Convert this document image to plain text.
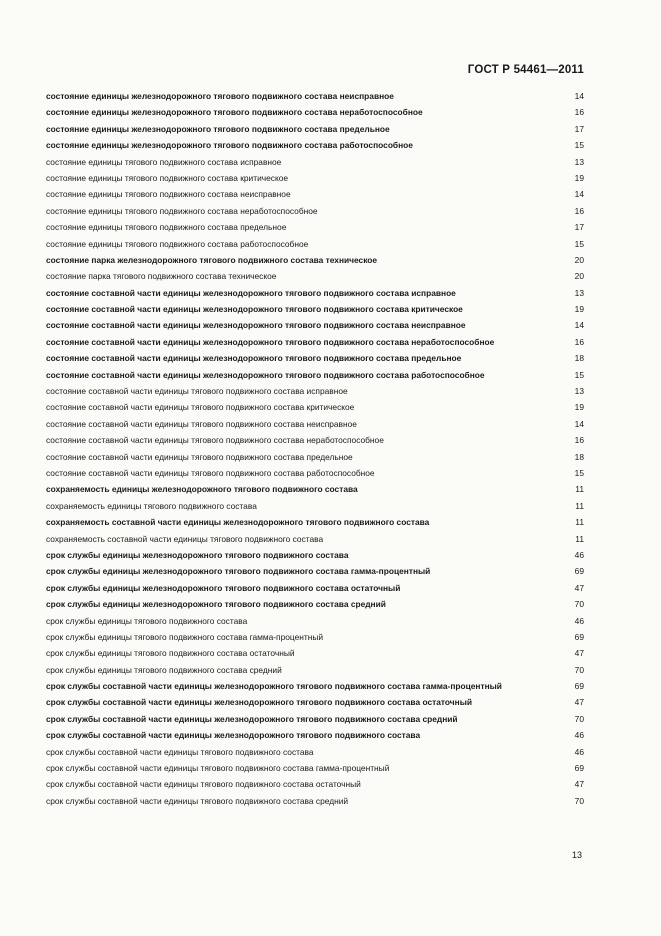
ГОСТ Р 54461—2011
состояние единицы железнодорожного тягового подвижного состава неисправное	14
состояние единицы железнодорожного тягового подвижного состава неработоспособное	16
состояние единицы железнодорожного тягового подвижного состава предельное	17
состояние единицы железнодорожного тягового подвижного состава работоспособное	15
состояние единицы тягового подвижного состава исправное	13
состояние единицы тягового подвижного состава критическое	19
состояние единицы тягового подвижного состава неисправное	14
состояние единицы тягового подвижного состава неработоспособное	16
состояние единицы тягового подвижного состава предельное	17
состояние единицы тягового подвижного состава работоспособное	15
состояние парка железнодорожного тягового подвижного состава техническое	20
состояние парка тягового подвижного состава техническое	20
состояние составной части единицы железнодорожного тягового подвижного состава исправное	13
состояние составной части единицы железнодорожного тягового подвижного состава критическое	19
состояние составной части единицы железнодорожного тягового подвижного состава неисправное	14
состояние составной части единицы железнодорожного тягового подвижного состава неработоспособное	16
состояние составной части единицы железнодорожного тягового подвижного состава предельное	18
состояние составной части единицы железнодорожного тягового подвижного состава работоспособное	15
состояние составной части единицы тягового подвижного состава исправное	13
состояние составной части единицы тягового подвижного состава критическое	19
состояние составной части единицы тягового подвижного состава неисправное	14
состояние составной части единицы тягового подвижного состава неработоспособное	16
состояние составной части единицы тягового подвижного состава предельное	18
состояние составной части единицы тягового подвижного состава работоспособное	15
сохраняемость единицы железнодорожного тягового подвижного состава	11
сохраняемость единицы тягового подвижного состава	11
сохраняемость составной части единицы железнодорожного тягового подвижного состава	11
сохраняемость составной части единицы тягового подвижного состава	11
срок службы единицы железнодорожного тягового подвижного состава	46
срок службы единицы железнодорожного тягового подвижного состава гамма-процентный	69
срок службы единицы железнодорожного тягового подвижного состава остаточный	47
срок службы единицы железнодорожного тягового подвижного состава средний	70
срок службы единицы тягового подвижного состава	46
срок службы единицы тягового подвижного состава гамма-процентный	69
срок службы единицы тягового подвижного состава остаточный	47
срок службы единицы тягового подвижного состава средний	70
срок службы составной части единицы железнодорожного тягового подвижного состава гамма-процентный	69
срок службы составной части единицы железнодорожного тягового подвижного состава остаточный	47
срок службы составной части единицы железнодорожного тягового подвижного состава средний	70
срок службы составной части единицы железнодорожного тягового подвижного состава	46
срок службы составной части единицы тягового подвижного состава	46
срок службы составной части единицы тягового подвижного состава гамма-процентный	69
срок службы составной части единицы тягового подвижного состава остаточный	47
срок службы составной части единицы тягового подвижного состава средний	70
13
